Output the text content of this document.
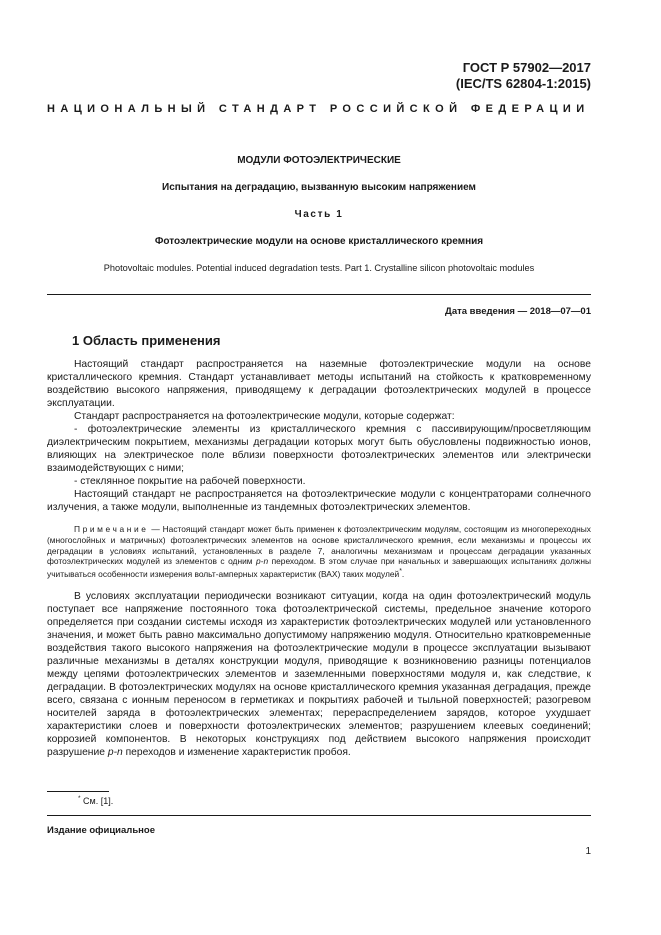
ГОСТ Р 57902—2017
(IEC/TS 62804-1:2015)
НАЦИОНАЛЬНЫЙ СТАНДАРТ РОССИЙСКОЙ ФЕДЕРАЦИИ
МОДУЛИ ФОТОЭЛЕКТРИЧЕСКИЕ
Испытания на деградацию, вызванную высоким напряжением
Часть 1
Фотоэлектрические модули на основе кристаллического кремния
Photovoltaic modules. Potential induced degradation tests. Part 1. Crystalline silicon photovoltaic modules
Дата введения — 2018—07—01
1 Область применения

Настоящий стандарт распространяется на наземные фотоэлектрические модули на основе кристаллического кремния. Стандарт устанавливает методы испытаний на стойкость к кратковременному воздействию высокого напряжения, приводящему к деградации фотоэлектрических модулей в процессе эксплуатации.

Стандарт распространяется на фотоэлектрические модули, которые содержат:

- фотоэлектрические элементы из кристаллического кремния с пассивирующим/просветляющим диэлектрическим покрытием, механизмы деградации которых могут быть обусловлены подвижностью ионов, влияющих на электрическое поле вблизи поверхности фотоэлектрических элементов или электрически взаимодействующих с ними;

- стеклянное покрытие на рабочей поверхности.

Настоящий стандарт не распространяется на фотоэлектрические модули с концентраторами солнечного излучения, а также модули, выполненные из тандемных фотоэлектрических элементов.

Примечание — Настоящий стандарт может быть применен к фотоэлектрическим модулям, состоящим из многопереходных (многослойных и матричных) фотоэлектрических элементов на основе кристаллического кремния, если механизмы и процессы их деградации в условиях испытаний, установленных в разделе 7, аналогичны механизмам и процессам деградации указанных фотоэлектрических модулей из элементов с одним p-n переходом. В этом случае при начальных и завершающих испытаниях должны учитываться особенности измерения вольт-амперных характеристик (ВАХ) таких модулей*.

В условиях эксплуатации периодически возникают ситуации, когда на один фотоэлектрический модуль поступает все напряжение постоянного тока фотоэлектрической системы, предельное значение которого определяется при создании системы исходя из характеристик фотоэлектрических модулей или установленного значения, и может быть равно максимально допустимому напряжению модуля. Относительно кратковременные воздействия такого высокого напряжения на фотоэлектрические модули в процессе эксплуатации вызывают различные механизмы в деталях конструкции модуля, приводящие к возникновению разницы потенциалов между цепями фотоэлектрических элементов и заземленными поверхностями модуля и, как следствие, к деградации. В фотоэлектрических модулях на основе кристаллического кремния указанная деградация, прежде всего, связана с ионным переносом в герметиках и покрытиях рабочей и тыльной поверхностей; разогревом носителей заряда в фотоэлектрических элементах; перераспределением зарядов, которое ухудшает характеристики слоев и поверхности фотоэлектрических элементов; разрушением клеевых соединений; коррозией компонентов. В некоторых конструкциях под действием высокого напряжения происходит разрушение p-n переходов и изменение характеристик пробоя.

* См. [1].
Издание официальное
1
